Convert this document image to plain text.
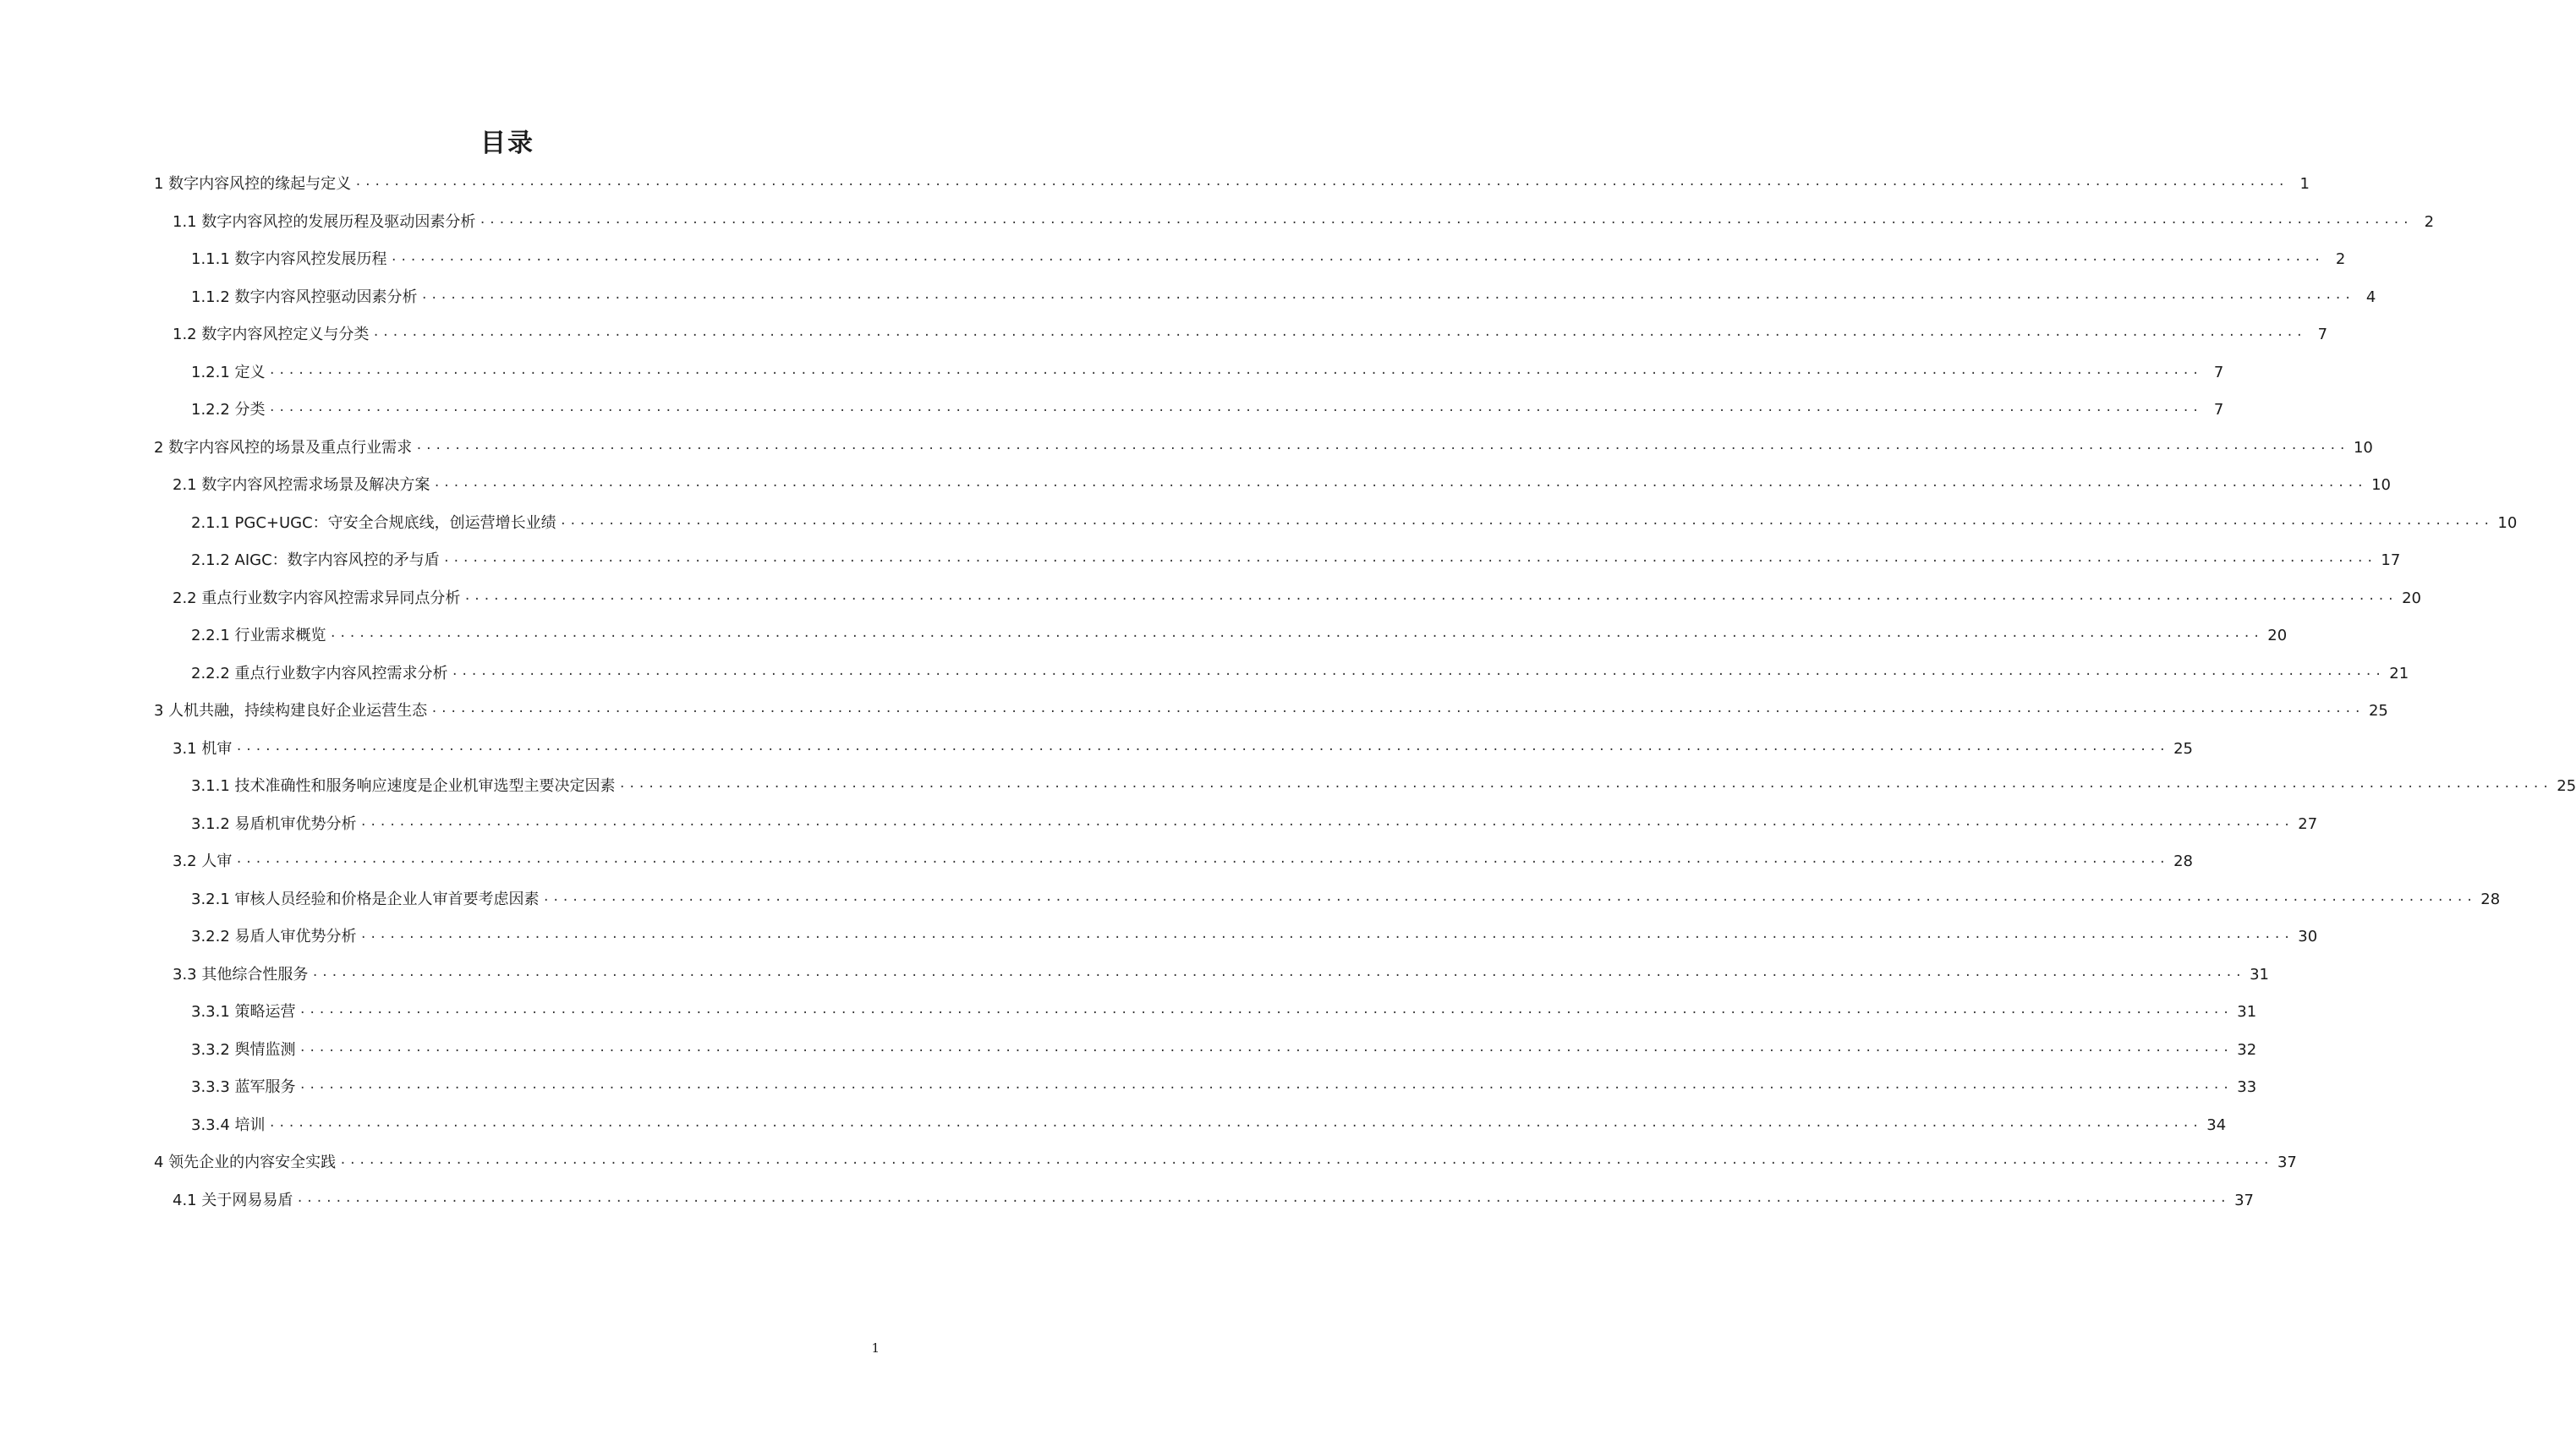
目录
1 数字内容风控的缘起与定义 ........................................................................................................................................................................................................ 1
1.1 数字内容风控的发展历程及驱动因素分析 ........................................................................................................................................................................................................ 2
1.1.1 数字内容风控发展历程 ........................................................................................................................................................................................................ 2
1.1.2 数字内容风控驱动因素分析 ........................................................................................................................................................................................................ 4
1.2 数字内容风控定义与分类 ........................................................................................................................................................................................................ 7
1.2.1 定义 ........................................................................................................................................................................................................ 7
1.2.2 分类 ........................................................................................................................................................................................................ 7
2 数字内容风控的场景及重点行业需求 ........................................................................................................................................................................................................ 10
2.1 数字内容风控需求场景及解决方案 ........................................................................................................................................................................................................ 10
2.1.1 PGC+UGC：守安全合规底线，创运营增长业绩 ........................................................................................................................................................................................................ 10
2.1.2 AIGC：数字内容风控的矛与盾 ........................................................................................................................................................................................................ 17
2.2 重点行业数字内容风控需求异同点分析 ........................................................................................................................................................................................................ 20
2.2.1 行业需求概览 ........................................................................................................................................................................................................ 20
2.2.2 重点行业数字内容风控需求分析 ........................................................................................................................................................................................................ 21
3 人机共融，持续构建良好企业运营生态 ........................................................................................................................................................................................................ 25
3.1 机审 ........................................................................................................................................................................................................ 25
3.1.1 技术准确性和服务响应速度是企业机审选型主要决定因素 ........................................................................................................................................................................................................ 25
3.1.2 易盾机审优势分析 ........................................................................................................................................................................................................ 27
3.2 人审 ........................................................................................................................................................................................................ 28
3.2.1 审核人员经验和价格是企业人审首要考虑因素 ........................................................................................................................................................................................................ 28
3.2.2 易盾人审优势分析 ........................................................................................................................................................................................................ 30
3.3 其他综合性服务 ........................................................................................................................................................................................................ 31
3.3.1 策略运营 ........................................................................................................................................................................................................ 31
3.3.2 舆情监测 ........................................................................................................................................................................................................ 32
3.3.3 蓝军服务 ........................................................................................................................................................................................................ 33
3.3.4 培训 ........................................................................................................................................................................................................ 34
4 领先企业的内容安全实践 ........................................................................................................................................................................................................ 37
4.1 关于网易易盾 ........................................................................................................................................................................................................ 37
1
